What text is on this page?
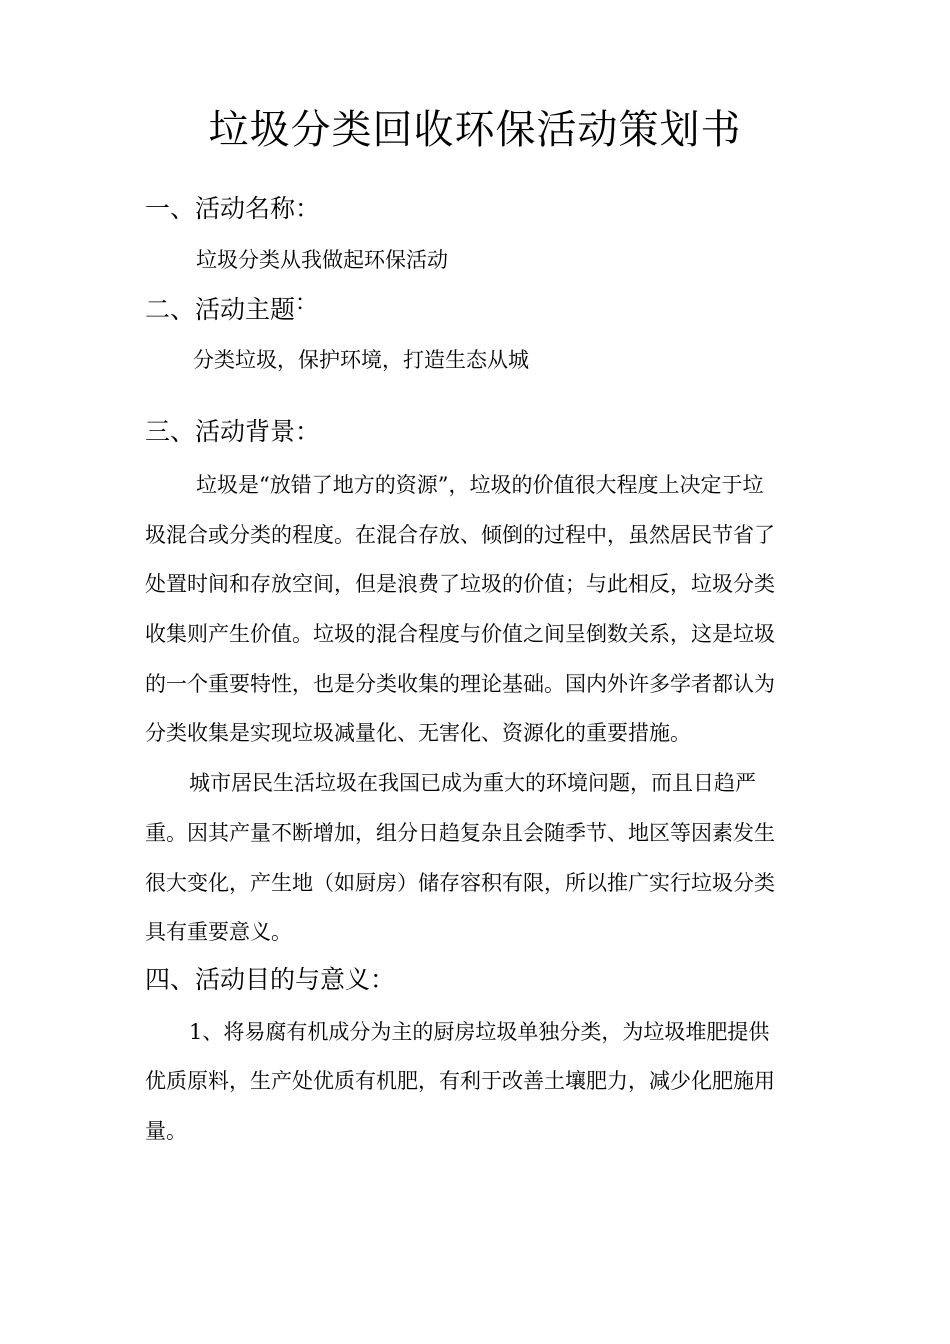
垃圾分类回收环保活动策划书
一、活动名称：
垃圾分类从我做起环保活动
二、活动主题：
分类垃圾，保护环境，打造生态从城
三、活动背景：
垃圾是“放错了地方的资源”，垃圾的价值很大程度上决定于垃
圾混合或分类的程度。在混合存放、倾倒的过程中，虽然居民节省了
处置时间和存放空间，但是浪费了垃圾的价值；与此相反，垃圾分类
收集则产生价值。垃圾的混合程度与价值之间呈倒数关系，这是垃圾
的一个重要特性，也是分类收集的理论基础。国内外许多学者都认为
分类收集是实现垃圾减量化、无害化、资源化的重要措施。
城市居民生活垃圾在我国已成为重大的环境问题，而且日趋严
重。因其产量不断增加，组分日趋复杂且会随季节、地区等因素发生
很大变化，产生地（如厨房）储存容积有限，所以推广实行垃圾分类
具有重要意义。
四、活动目的与意义：
1、将易腐有机成分为主的厨房垃圾单独分类，为垃圾堆肥提供
优质原料，生产处优质有机肥，有利于改善土壤肥力，减少化肥施用
量。
